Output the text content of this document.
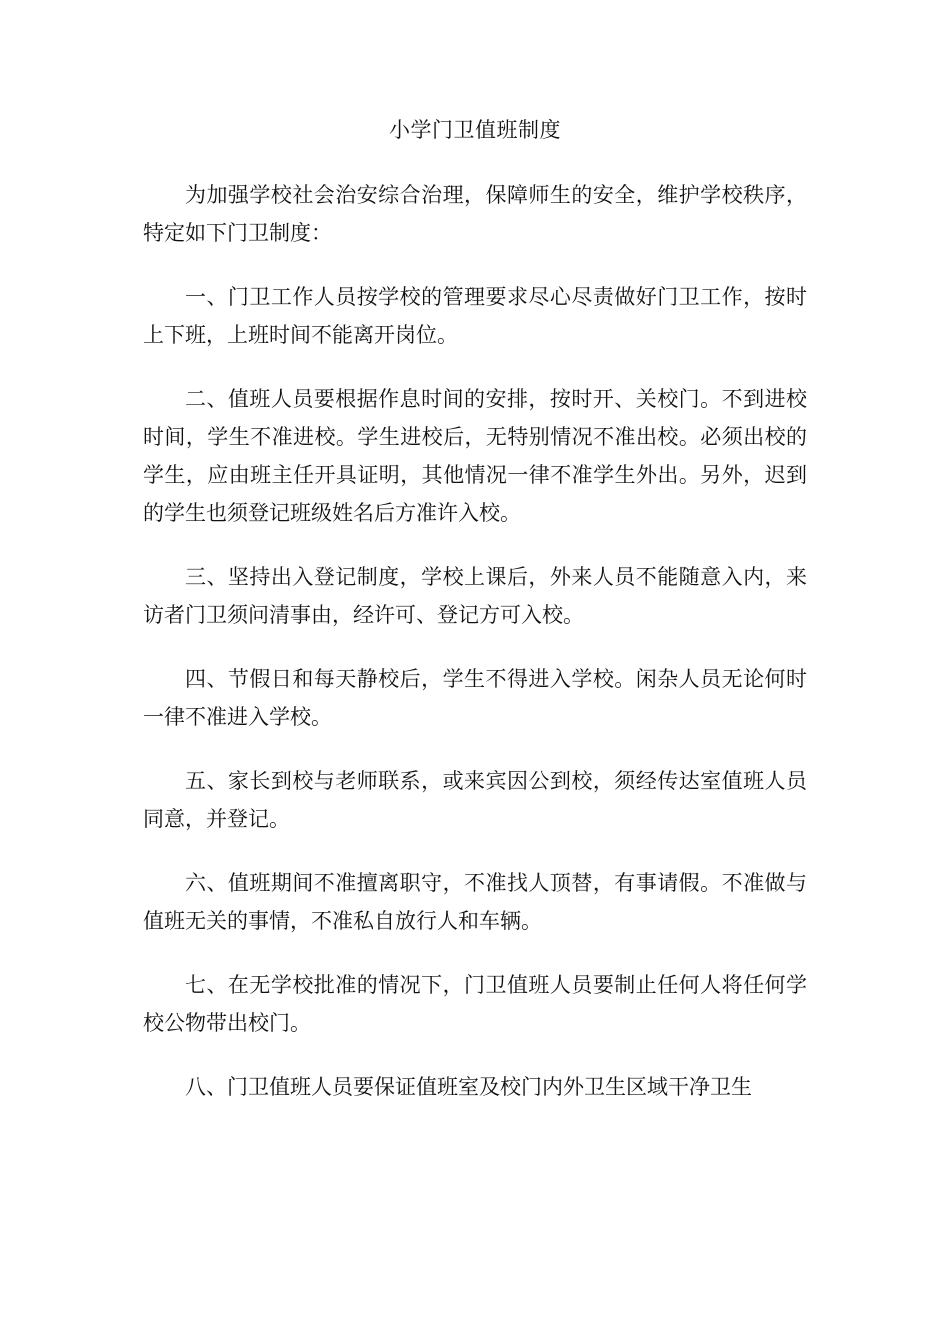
小学门卫值班制度

为加强学校社会治安综合治理，保障师生的安全，维护学校秩序，特定如下门卫制度：

一、门卫工作人员按学校的管理要求尽心尽责做好门卫工作，按时上下班，上班时间不能离开岗位。

二、值班人员要根据作息时间的安排，按时开、关校门。不到进校时间，学生不准进校。学生进校后，无特别情况不准出校。必须出校的学生，应由班主任开具证明，其他情况一律不准学生外出。另外，迟到的学生也须登记班级姓名后方准许入校。

三、坚持出入登记制度，学校上课后，外来人员不能随意入内，来访者门卫须问清事由，经许可、登记方可入校。

四、节假日和每天静校后，学生不得进入学校。闲杂人员无论何时一律不准进入学校。

五、家长到校与老师联系，或来宾因公到校，须经传达室值班人员同意，并登记。

六、值班期间不准擅离职守，不准找人顶替，有事请假。不准做与值班无关的事情，不准私自放行人和车辆。

七、在无学校批准的情况下，门卫值班人员要制止任何人将任何学校公物带出校门。

八、门卫值班人员要保证值班室及校门内外卫生区域干净卫生
